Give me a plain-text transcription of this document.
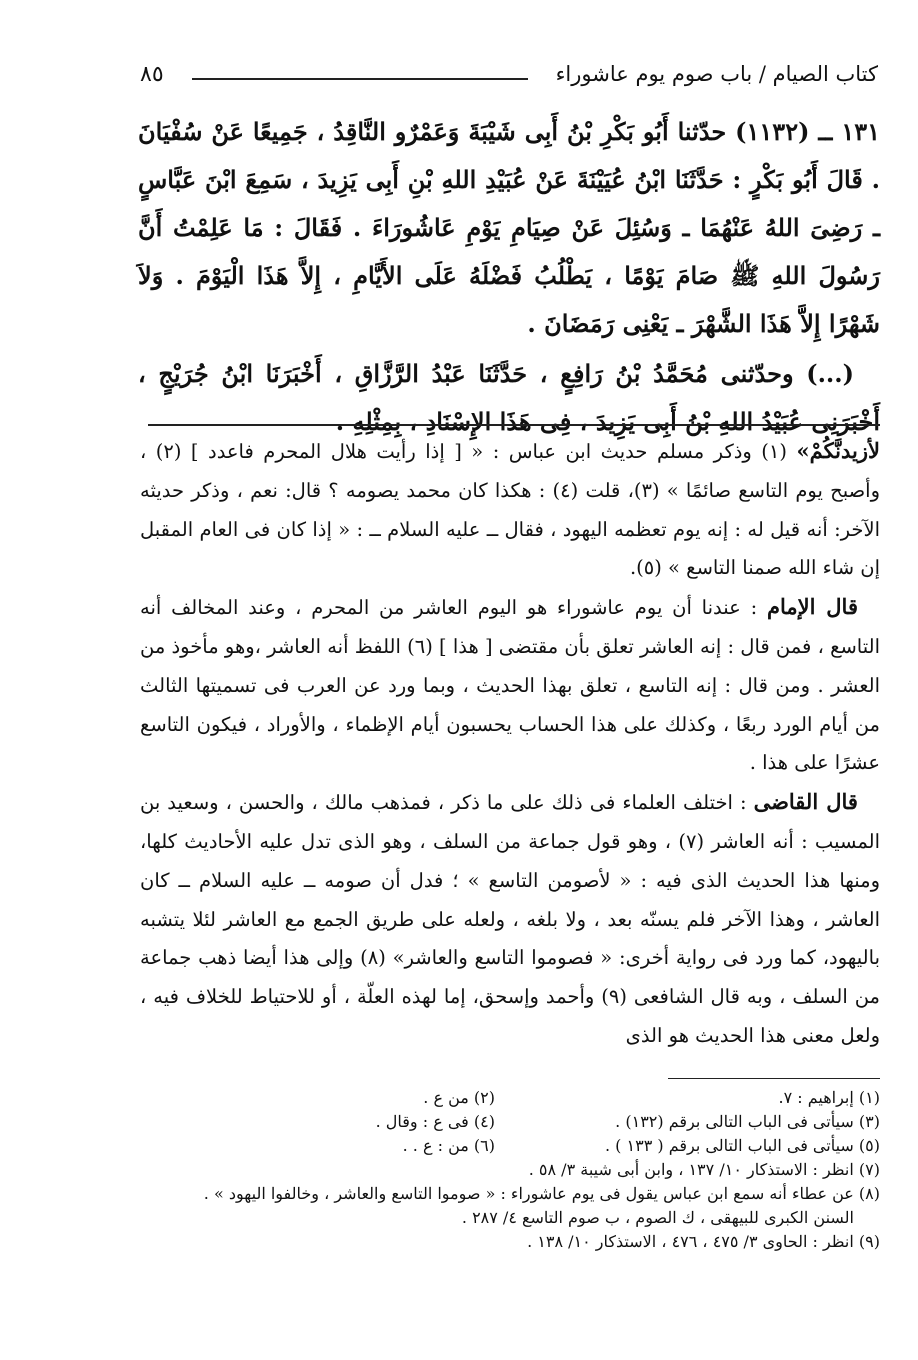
كتاب الصيام / باب صوم يوم عاشوراء
٨٥

١٣١ ــ (١١٣٢) حدّثنا أَبُو بَكْرِ بْنُ أَبِى شَيْبَةَ وَعَمْرٌو النَّاقِدُ ، جَمِيعًا عَنْ سُفْيَانَ . قَالَ أَبُو بَكْرٍ : حَدَّثَنَا ابْنُ عُيَيْنَةَ عَنْ عُبَيْدِ اللهِ بْنِ أَبِى يَزِيدَ ، سَمِعَ ابْنَ عَبَّاسٍ ـ رَضِىَ اللهُ عَنْهُمَا ـ وَسُئِلَ عَنْ صِيَامِ يَوْمِ عَاشُورَاءَ . فَقَالَ : مَا عَلِمْتُ أَنَّ رَسُولَ اللهِ ﷺ صَامَ يَوْمًا ، يَطْلُبُ فَضْلَهُ عَلَى الأَيَّامِ ، إِلاَّ هَذَا الْيَوْمَ . وَلاَ شَهْرًا إِلاَّ هَذَا الشَّهْرَ ـ يَعْنِى رَمَضَانَ .

(...) وحدّثنى مُحَمَّدُ بْنُ رَافِعٍ ، حَدَّثَنَا عَبْدُ الرَّزَّاقِ ، أَخْبَرَنَا ابْنُ جُرَيْجٍ ، أَخْبَرَنِى عُبَيْدُ اللهِ بْنُ أَبِى يَزِيدَ ، فِى هَذَا الإِسْنَادِ ، بِمِثْلِهِ .

لأزيدنَّكُمْ» (١) وذكر مسلم حديث ابن عباس : « [ إذا رأيت هلال المحرم فاعدد ] (٢) ، وأصبح يوم التاسع صائمًا » (٣)، قلت (٤) : هكذا كان محمد يصومه ؟ قال: نعم ، وذكر حديثه الآخر: أنه قيل له : إنه يوم تعظمه اليهود ، فقال ــ عليه السلام ــ : « إذا كان فى العام المقبل إن شاء الله صمنا التاسع » (٥).

قال الإمام : عندنا أن يوم عاشوراء هو اليوم العاشر من المحرم ، وعند المخالف أنه التاسع ، فمن قال : إنه العاشر تعلق بأن مقتضى [ هذا ] (٦) اللفظ أنه العاشر ،وهو مأخوذ من العشر . ومن قال : إنه التاسع ، تعلق بهذا الحديث ، وبما ورد عن العرب فى تسميتها الثالث من أيام الورد ربعًا ، وكذلك على هذا الحساب يحسبون أيام الإظماء ، والأوراد ، فيكون التاسع عشرًا على هذا .

قال القاضى : اختلف العلماء فى ذلك على ما ذكر ، فمذهب مالك ، والحسن ، وسعيد بن المسيب : أنه العاشر (٧) ، وهو قول جماعة من السلف ، وهو الذى تدل عليه الأحاديث كلها، ومنها هذا الحديث الذى فيه : « لأصومن التاسع » ؛ فدل أن صومه ــ عليه السلام ــ كان العاشر ، وهذا الآخر فلم يسنّه بعد ، ولا بلغه ، ولعله على طريق الجمع مع العاشر لئلا يتشبه باليهود، كما ورد فى رواية أخرى: « فصوموا التاسع والعاشر» (٨) وإلى هذا أيضا ذهب جماعة من السلف ، وبه قال الشافعى (٩) وأحمد وإسحق، إما لهذه العلّة ، أو للاحتياط للخلاف فيه ، ولعل معنى هذا الحديث هو الذى

(١) إبراهيم : ٧.

(٢) من ع .

(٣) سيأتى فى الباب التالى برقم (١٣٢) .

(٤) فى ع : وقال .

(٥) سيأتى فى الباب التالى برقم ( ١٣٣ ) .

(٦) من : ع . .

(٧) انظر : الاستذكار ١٠/ ١٣٧ ، وابن أبى شيبة ٣/ ٥٨ .

(٨) عن عطاء أنه سمع ابن عباس يقول فى يوم عاشوراء : « صوموا التاسع والعاشر ، وخالفوا اليهود » .

السنن الكبرى للبيهقى ، ك الصوم ، ب صوم التاسع ٤/ ٢٨٧ .

(٩) انظر : الحاوى ٣/ ٤٧٥ ، ٤٧٦ ، الاستذكار ١٠/ ١٣٨ .
